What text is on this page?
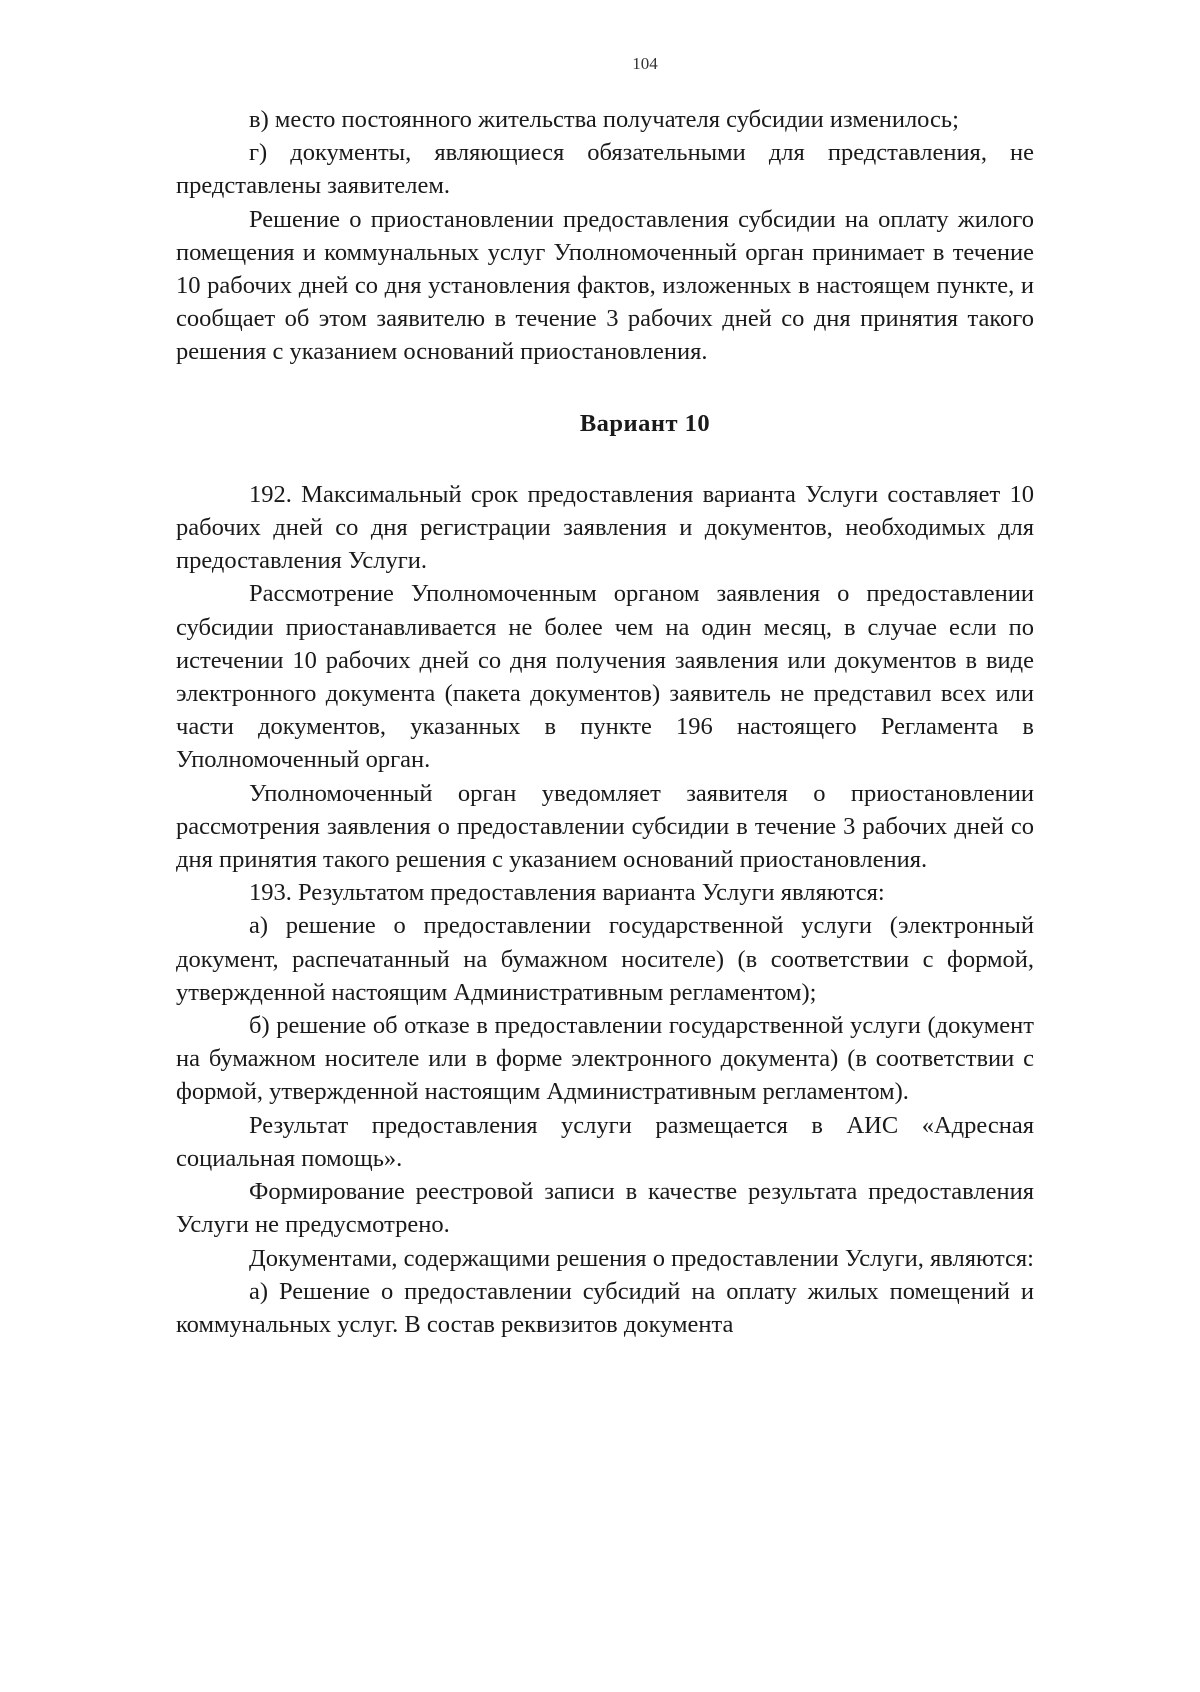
104

в) место постоянного жительства получателя субсидии изменилось;

г) документы, являющиеся обязательными для представления, не представлены заявителем.

Решение о приостановлении предоставления субсидии на оплату жилого помещения и коммунальных услуг Уполномоченный орган принимает в течение 10 рабочих дней со дня установления фактов, изложенных в настоящем пункте, и сообщает об этом заявителю в течение 3 рабочих дней со дня принятия такого решения с указанием оснований приостановления.

Вариант 10

192. Максимальный срок предоставления варианта Услуги составляет 10 рабочих дней со дня регистрации заявления и документов, необходимых для предоставления Услуги.

Рассмотрение Уполномоченным органом заявления о предоставлении субсидии приостанавливается не более чем на один месяц, в случае если по истечении 10 рабочих дней со дня получения заявления или документов в виде электронного документа (пакета документов) заявитель не представил всех или части документов, указанных в пункте 196 настоящего Регламента в Уполномоченный орган.

Уполномоченный орган уведомляет заявителя о приостановлении рассмотрения заявления о предоставлении субсидии в течение 3 рабочих дней со дня принятия такого решения с указанием оснований приостановления.

193. Результатом предоставления варианта Услуги являются:

а) решение о предоставлении государственной услуги (электронный документ, распечатанный на бумажном носителе) (в соответствии с формой, утвержденной настоящим Административным регламентом);

б) решение об отказе в предоставлении государственной услуги (документ на бумажном носителе или в форме электронного документа) (в соответствии с формой, утвержденной настоящим Административным регламентом).

Результат предоставления услуги размещается в АИС «Адресная социальная помощь».

Формирование реестровой записи в качестве результата предоставления Услуги не предусмотрено.

Документами, содержащими решения о предоставлении Услуги, являются:

а) Решение о предоставлении субсидий на оплату жилых помещений и коммунальных услуг. В состав реквизитов документа
